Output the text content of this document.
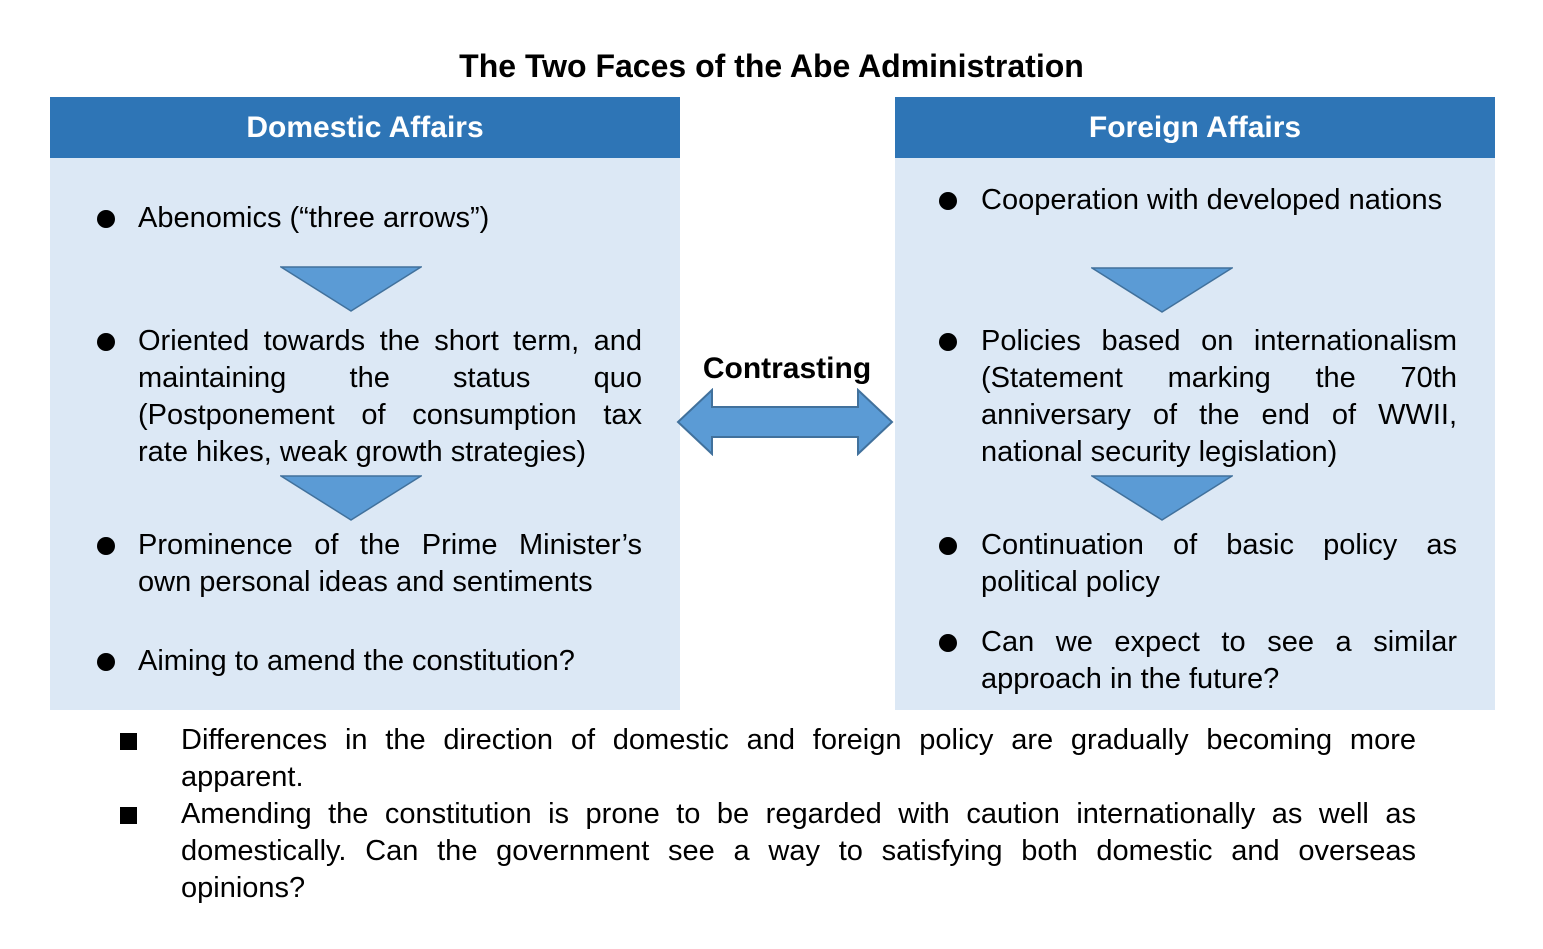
The Two Faces of the Abe Administration
Domestic Affairs
Abenomics (“three arrows”)
Oriented towards the short term, and maintaining the status quo (Postponement of consumption tax rate hikes, weak growth strategies)
Prominence of the Prime Minister’s own personal ideas and sentiments
Aiming to amend the constitution?
Foreign Affairs
Cooperation with developed nations
Policies based on internationalism (Statement marking the 70th anniversary of the end of WWII, national security legislation)
Continuation of basic policy as political policy
Can we expect to see a similar approach in the future?
Contrasting
Differences in the direction of domestic and foreign policy are gradually becoming more apparent.
Amending the constitution is prone to be regarded with caution internationally as well as domestically. Can the government see a way to satisfying both domestic and overseas opinions?
